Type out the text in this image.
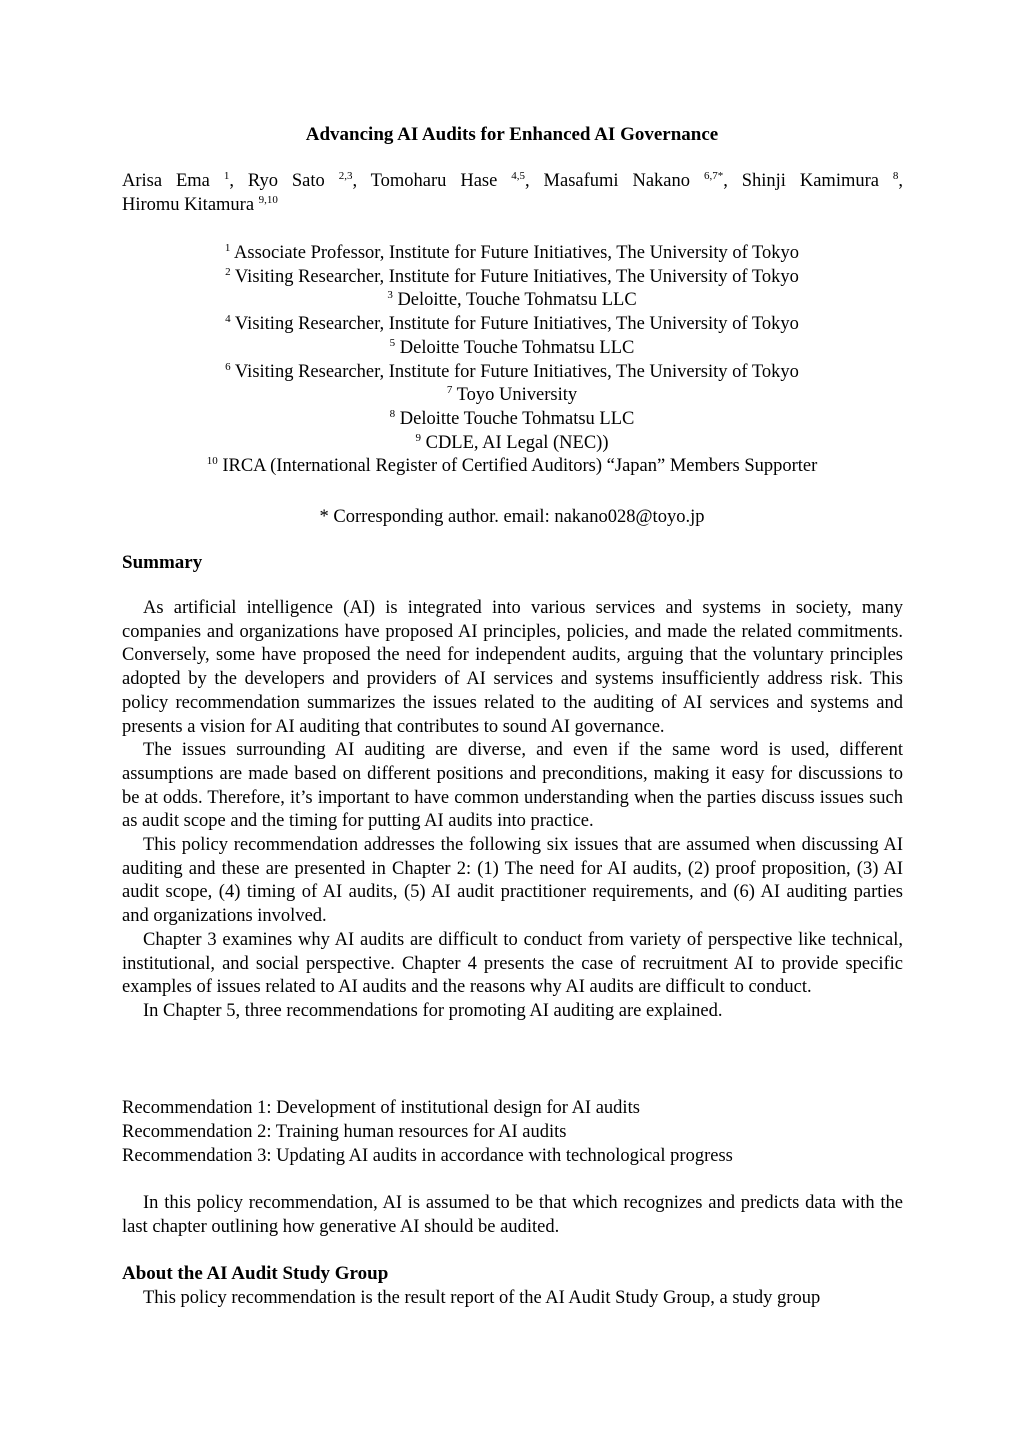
Advancing AI Audits for Enhanced AI Governance
Arisa Ema $^1$, Ryo Sato $^{2,3}$, Tomoharu Hase $^{4,5}$, Masafumi Nakano $^{6,7*}$, Shinji Kamimura $^8$, Hiromu Kitamura $^{9,10}$
$^1$ Associate Professor, Institute for Future Initiatives, The University of Tokyo
$^2$ Visiting Researcher, Institute for Future Initiatives, The University of Tokyo
$^3$ Deloitte, Touche Tohmatsu LLC
$^4$ Visiting Researcher, Institute for Future Initiatives, The University of Tokyo
$^5$ Deloitte Touche Tohmatsu LLC
$^6$ Visiting Researcher, Institute for Future Initiatives, The University of Tokyo
$^7$ Toyo University
$^8$ Deloitte Touche Tohmatsu LLC
$^9$ CDLE, AI Legal (NEC))
$^{10}$ IRCA (International Register of Certified Auditors) “Japan” Members Supporter
* Corresponding author. email: nakano028@toyo.jp
Summary

As artificial intelligence (AI) is integrated into various services and systems in society, many companies and organizations have proposed AI principles, policies, and made the related commitments. Conversely, some have proposed the need for independent audits, arguing that the voluntary principles adopted by the developers and providers of AI services and systems insufficiently address risk. This policy recommendation summarizes the issues related to the auditing of AI services and systems and presents a vision for AI auditing that contributes to sound AI governance.

The issues surrounding AI auditing are diverse, and even if the same word is used, different assumptions are made based on different positions and preconditions, making it easy for discussions to be at odds. Therefore, it’s important to have common understanding when the parties discuss issues such as audit scope and the timing for putting AI audits into practice.

This policy recommendation addresses the following six issues that are assumed when discussing AI auditing and these are presented in Chapter 2: (1) The need for AI audits, (2) proof proposition, (3) AI audit scope, (4) timing of AI audits, (5) AI audit practitioner requirements, and (6) AI auditing parties and organizations involved.

Chapter 3 examines why AI audits are difficult to conduct from variety of perspective like technical, institutional, and social perspective. Chapter 4 presents the case of recruitment AI to provide specific examples of issues related to AI audits and the reasons why AI audits are difficult to conduct.

In Chapter 5, three recommendations for promoting AI auditing are explained.

Recommendation 1: Development of institutional design for AI audits
Recommendation 2: Training human resources for AI audits
Recommendation 3: Updating AI audits in accordance with technological progress

In this policy recommendation, AI is assumed to be that which recognizes and predicts data with the last chapter outlining how generative AI should be audited.

About the AI Audit Study Group

This policy recommendation is the result report of the AI Audit Study Group, a study group
